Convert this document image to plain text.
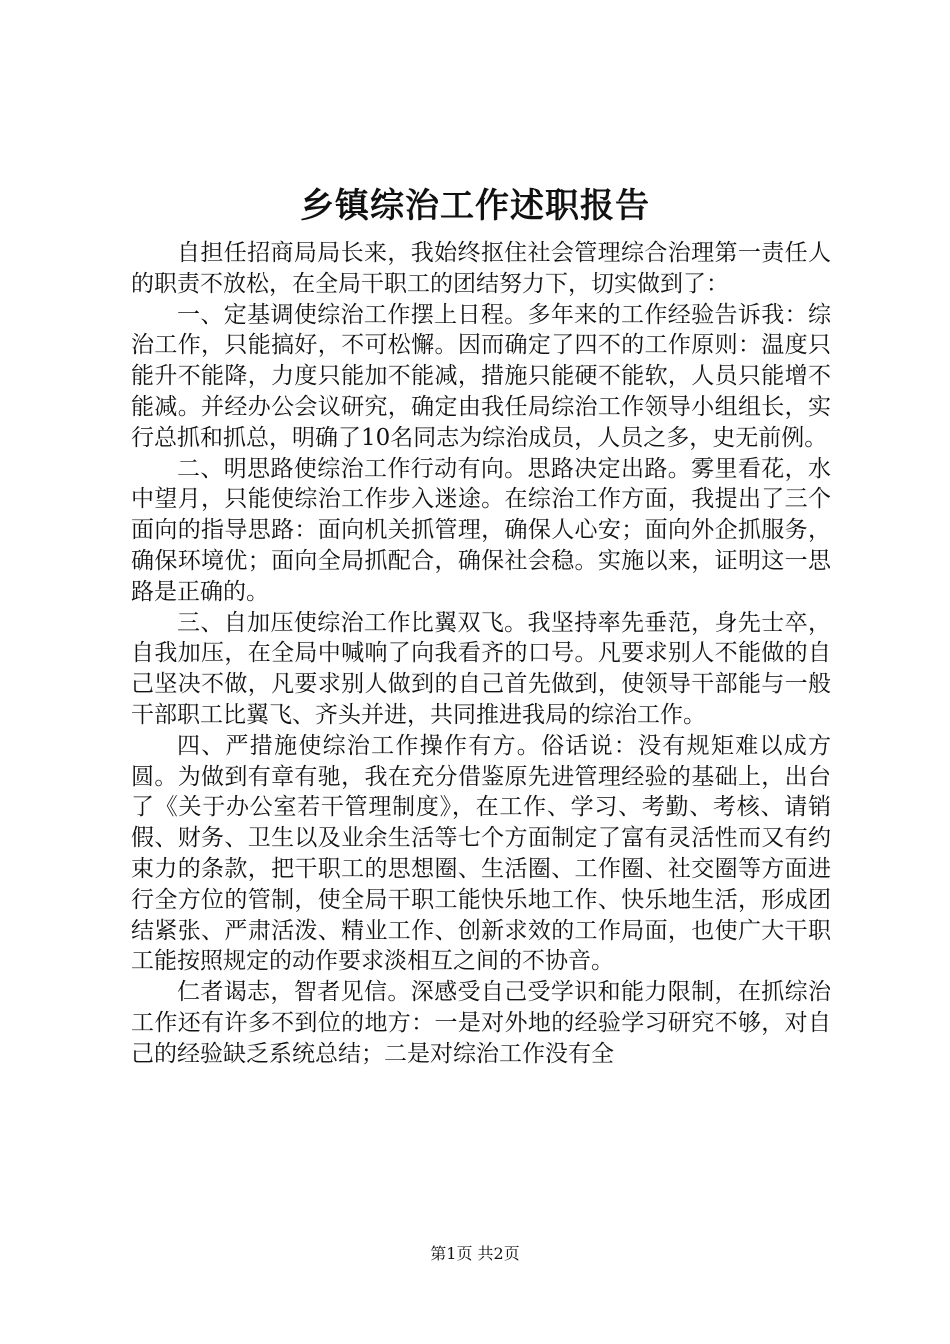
乡镇综治工作述职报告

自担任招商局局长来，我始终抠住社会管理综合治理第一责任人的职责不放松，在全局干职工的团结努力下，切实做到了：

一、定基调使综治工作摆上日程。多年来的工作经验告诉我：综治工作，只能搞好，不可松懈。因而确定了四不的工作原则：温度只能升不能降，力度只能加不能减，措施只能硬不能软，人员只能增不能减。并经办公会议研究，确定由我任局综治工作领导小组组长，实行总抓和抓总，明确了10名同志为综治成员，人员之多，史无前例。

二、明思路使综治工作行动有向。思路决定出路。雾里看花，水中望月，只能使综治工作步入迷途。在综治工作方面，我提出了三个面向的指导思路：面向机关抓管理，确保人心安；面向外企抓服务，确保环境优；面向全局抓配合，确保社会稳。实施以来，证明这一思路是正确的。

三、自加压使综治工作比翼双飞。我坚持率先垂范，身先士卒，自我加压，在全局中喊响了向我看齐的口号。凡要求别人不能做的自己坚决不做，凡要求别人做到的自己首先做到，使领导干部能与一般干部职工比翼飞、齐头并进，共同推进我局的综治工作。

四、严措施使综治工作操作有方。俗话说：没有规矩难以成方圆。为做到有章有驰，我在充分借鉴原先进管理经验的基础上，出台了《关于办公室若干管理制度》，在工作、学习、考勤、考核、请销假、财务、卫生以及业余生活等七个方面制定了富有灵活性而又有约束力的条款，把干职工的思想圈、生活圈、工作圈、社交圈等方面进行全方位的管制，使全局干职工能快乐地工作、快乐地生活，形成团结紧张、严肃活泼、精业工作、创新求效的工作局面，也使广大干职工能按照规定的动作要求淡相互之间的不协音。

仁者谒志，智者见信。深感受自己受学识和能力限制，在抓综治工作还有许多不到位的地方：一是对外地的经验学习研究不够，对自己的经验缺乏系统总结；二是对综治工作没有全

第1页 共2页
